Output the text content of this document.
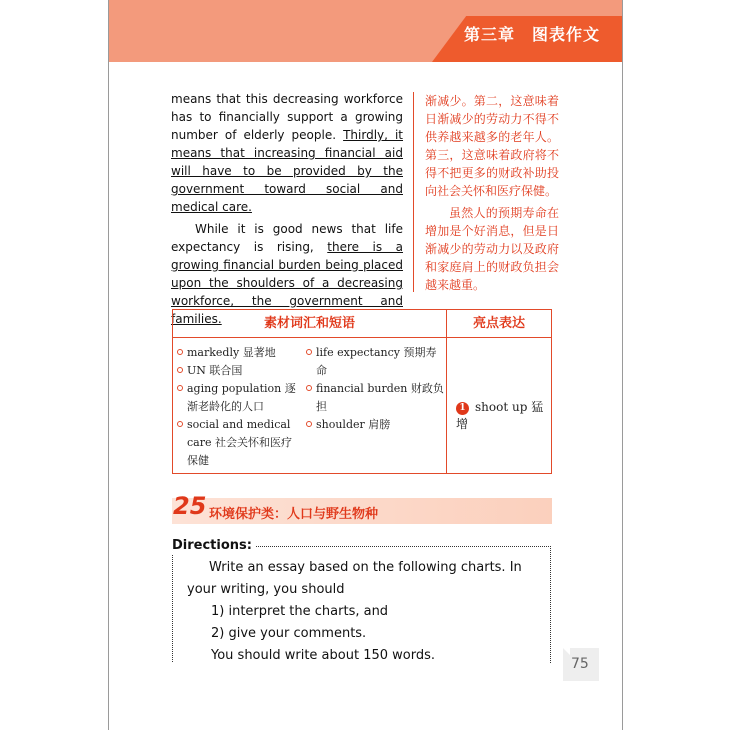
第三章　图表作文

means that this decreasing workforce has to financially support a growing number of elderly people. Thirdly, it means that increasing financial aid will have to be provided by the government toward social and medical care.

While it is good news that life expectancy is rising, there is a growing financial burden being placed upon the shoulders of a decreasing workforce, the government and families.

渐减少。第二，这意味着日渐减少的劳动力不得不供养越来越多的老年人。第三，这意味着政府将不得不把更多的财政补助投向社会关怀和医疗保健。

虽然人的预期寿命在增加是个好消息，但是日渐减少的劳动力以及政府和家庭肩上的财政负担会越来越重。

素材词汇和短语	亮点表达
markedly 显著地
UN 联合国
aging population 逐渐老龄化的人口
social and medical care 社会关怀和医疗保健
life expectancy 预期寿命
financial burden 财政负担
shoulder 肩膀
1 shoot up 猛增
25 环境保护类：人口与野生物种
Directions:

Write an essay based on the following charts. In your writing, you should

1) interpret the charts, and

2) give your comments.

You should write about 150 words.

75
